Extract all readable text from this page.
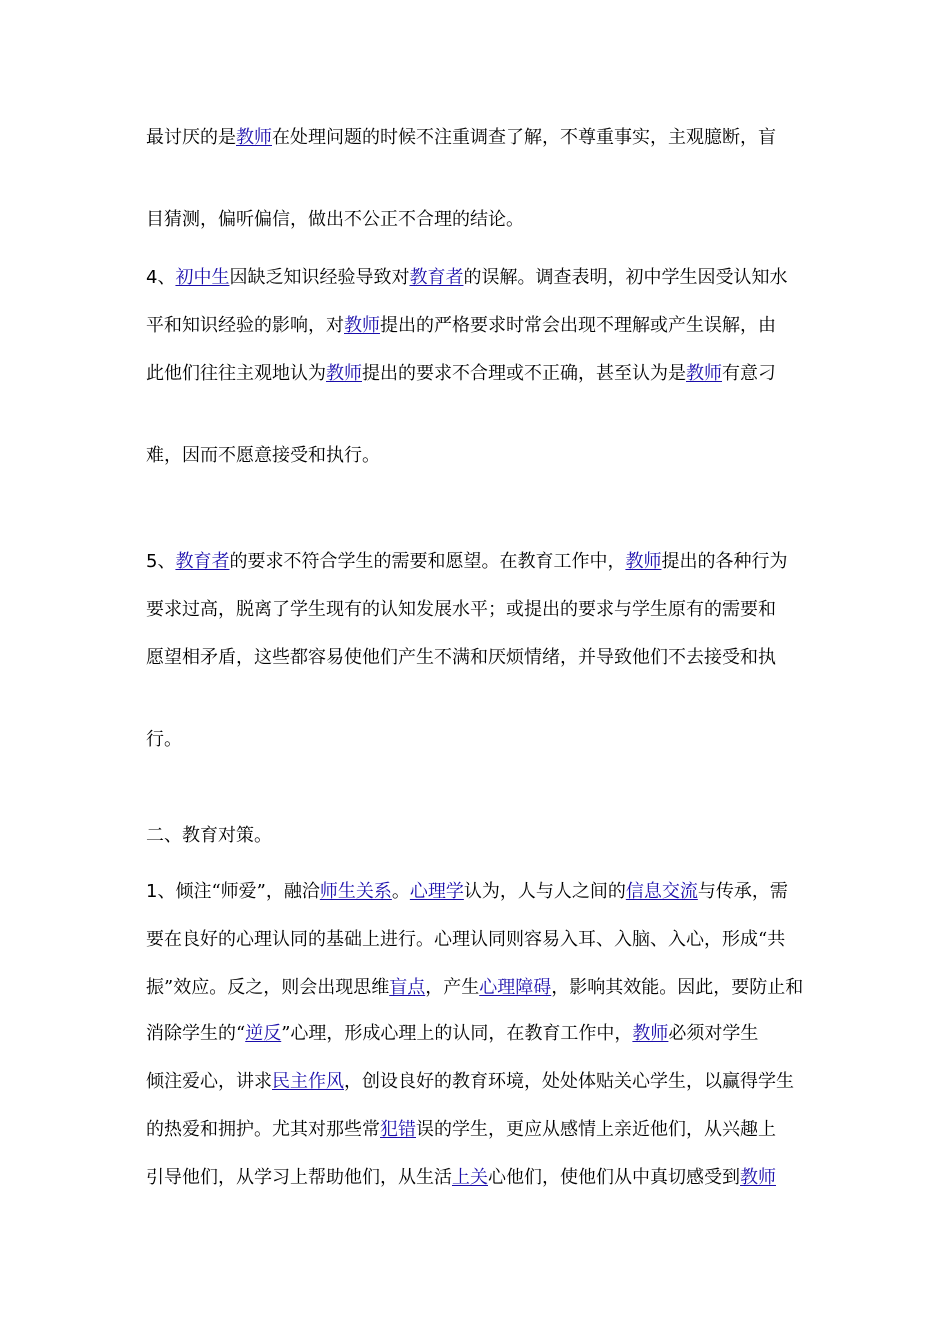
最讨厌的是教师在处理问题的时候不注重调查了解，不尊重事实，主观臆断，盲
目猜测，偏听偏信，做出不公正不合理的结论。
4、初中生因缺乏知识经验导致对教育者的误解。调查表明，初中学生因受认知水
平和知识经验的影响，对教师提出的严格要求时常会出现不理解或产生误解，由
此他们往往主观地认为教师提出的要求不合理或不正确，甚至认为是教师有意刁
难，因而不愿意接受和执行。
5、教育者的要求不符合学生的需要和愿望。在教育工作中，教师提出的各种行为
要求过高，脱离了学生现有的认知发展水平；或提出的要求与学生原有的需要和
愿望相矛盾，这些都容易使他们产生不满和厌烦情绪，并导致他们不去接受和执
行。
二、教育对策。
1、倾注“师爱”，融洽师生关系。心理学认为，人与人之间的信息交流与传承，需
要在良好的心理认同的基础上进行。心理认同则容易入耳、入脑、入心，形成“共
振”效应。反之，则会出现思维盲点，产生心理障碍，影响其效能。因此，要防止和
消除学生的“逆反”心理，形成心理上的认同，在教育工作中，教师必须对学生
倾注爱心，讲求民主作风，创设良好的教育环境，处处体贴关心学生，以赢得学生
的热爱和拥护。尤其对那些常犯错误的学生，更应从感情上亲近他们，从兴趣上
引导他们，从学习上帮助他们，从生活上关心他们，使他们从中真切感受到教师
